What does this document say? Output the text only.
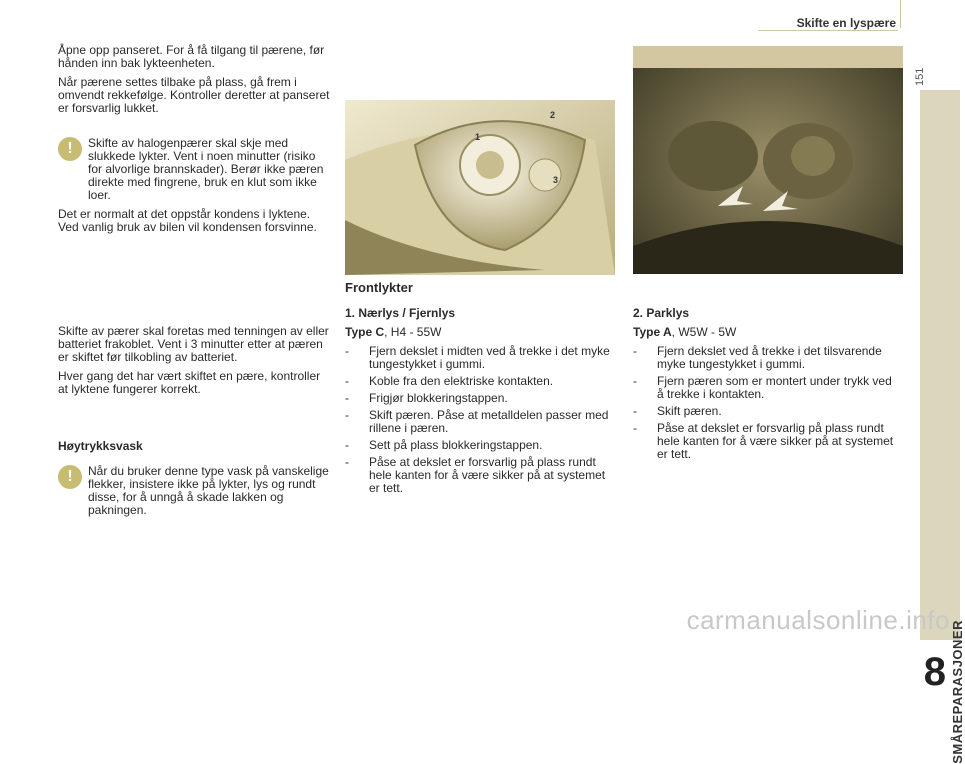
Skifte en lyspære
151
SMÅREPARASJONER
8

Åpne opp panseret. For å få tilgang til pærene, før hånden inn bak lykteenheten.

Når pærene settes tilbake på plass, gå frem i omvendt rekkefølge. Kontroller deretter at panseret er forsvarlig lukket.

!	Skifte av halogenpærer skal skje med slukkede lykter. Vent i noen minutter (risiko for alvorlige brannskader). Berør ikke pæren direkte med fingrene, bruk en klut som ikke loer.

Det er normalt at det oppstår kondens i lyktene. Ved vanlig bruk av bilen vil kondensen forsvinne.

Skifte av pærer skal foretas med tenningen av eller batteriet frakoblet. Vent i 3 minutter etter at pæren er skiftet før tilkobling av batteriet.

Hver gang det har vært skiftet en pære, kontroller at lyktene fungerer korrekt.

Høytrykksvask

!	Når du bruker denne type vask på vanskelige flekker, insistere ikke på lykter, lys og rundt disse, for å unngå å skade lakken og pakningen.

1
2
3
Frontlykter

1. Nærlys / Fjernlys

Type C, H4 - 55W

- Fjern dekslet i midten ved å trekke i det myke tungestykket i gummi.
- Koble fra den elektriske kontakten.
- Frigjør blokkeringstappen.
- Skift pæren. Påse at metalldelen passer med rillene i pæren.
- Sett på plass blokkeringstappen.
- Påse at dekslet er forsvarlig på plass rundt hele kanten for å være sikker på at systemet er tett.

2. Parklys

Type A, W5W - 5W

- Fjern dekslet ved å trekke i det tilsvarende myke tungestykket i gummi.
- Fjern pæren som er montert under trykk ved å trekke i kontakten.
- Skift pæren.
- Påse at dekslet er forsvarlig på plass rundt hele kanten for å være sikker på at systemet er tett.
carmanualsonline.info
